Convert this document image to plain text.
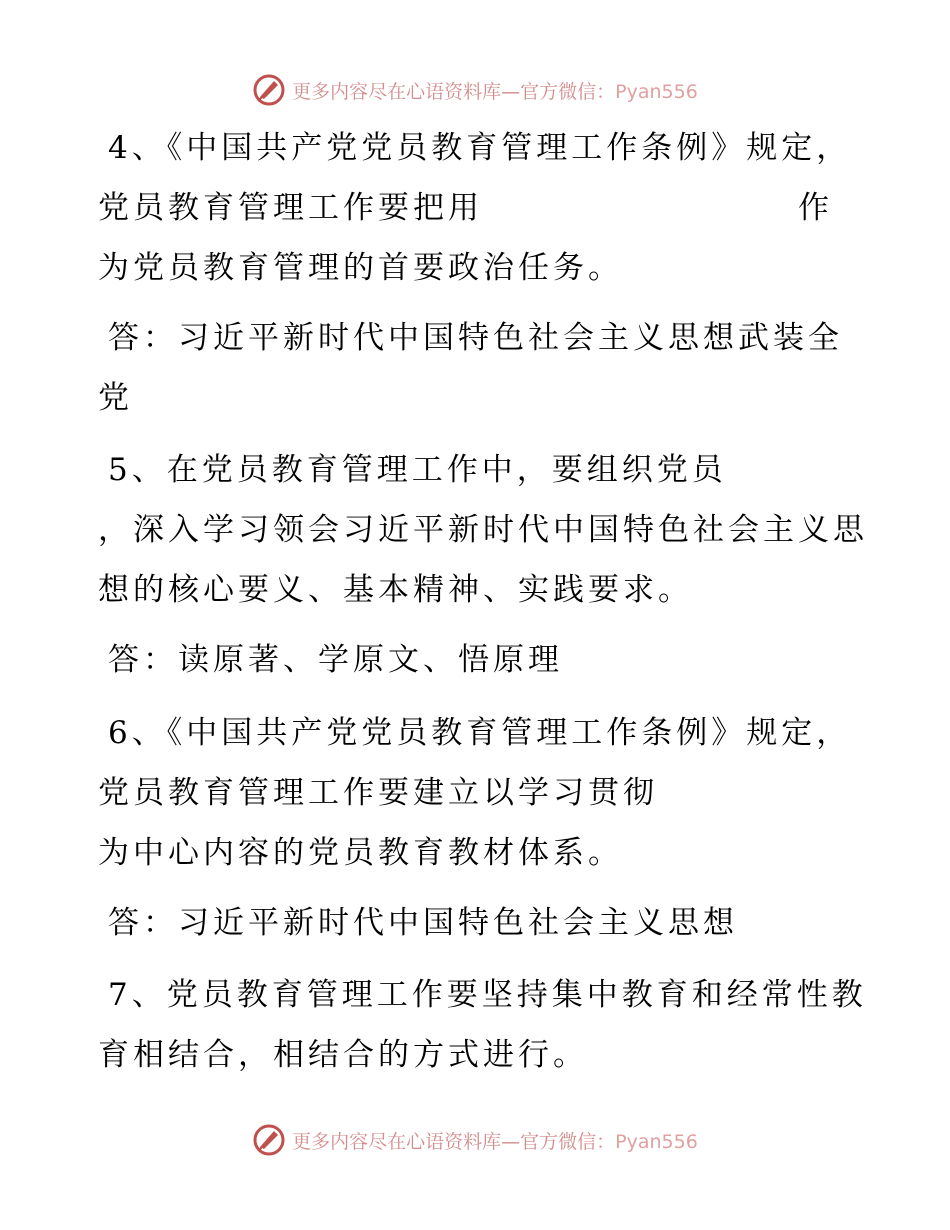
更多内容尽在心语资料库—官方微信：Pyan556
4、《中国共产党党员教育管理工作条例》规定，
党员教育管理工作要把用	作
为党员教育管理的首要政治任务。
答：习近平新时代中国特色社会主义思想武装全
党
5、在党员教育管理工作中，要组织党员
，深入学习领会习近平新时代中国特色社会主义思
想的核心要义、基本精神、实践要求。
答：读原著、学原文、悟原理
6、《中国共产党党员教育管理工作条例》规定，
党员教育管理工作要建立以学习贯彻
为中心内容的党员教育教材体系。
答：习近平新时代中国特色社会主义思想
7、党员教育管理工作要坚持集中教育和经常性教
育相结合，相结合的方式进行。
更多内容尽在心语资料库—官方微信：Pyan556
